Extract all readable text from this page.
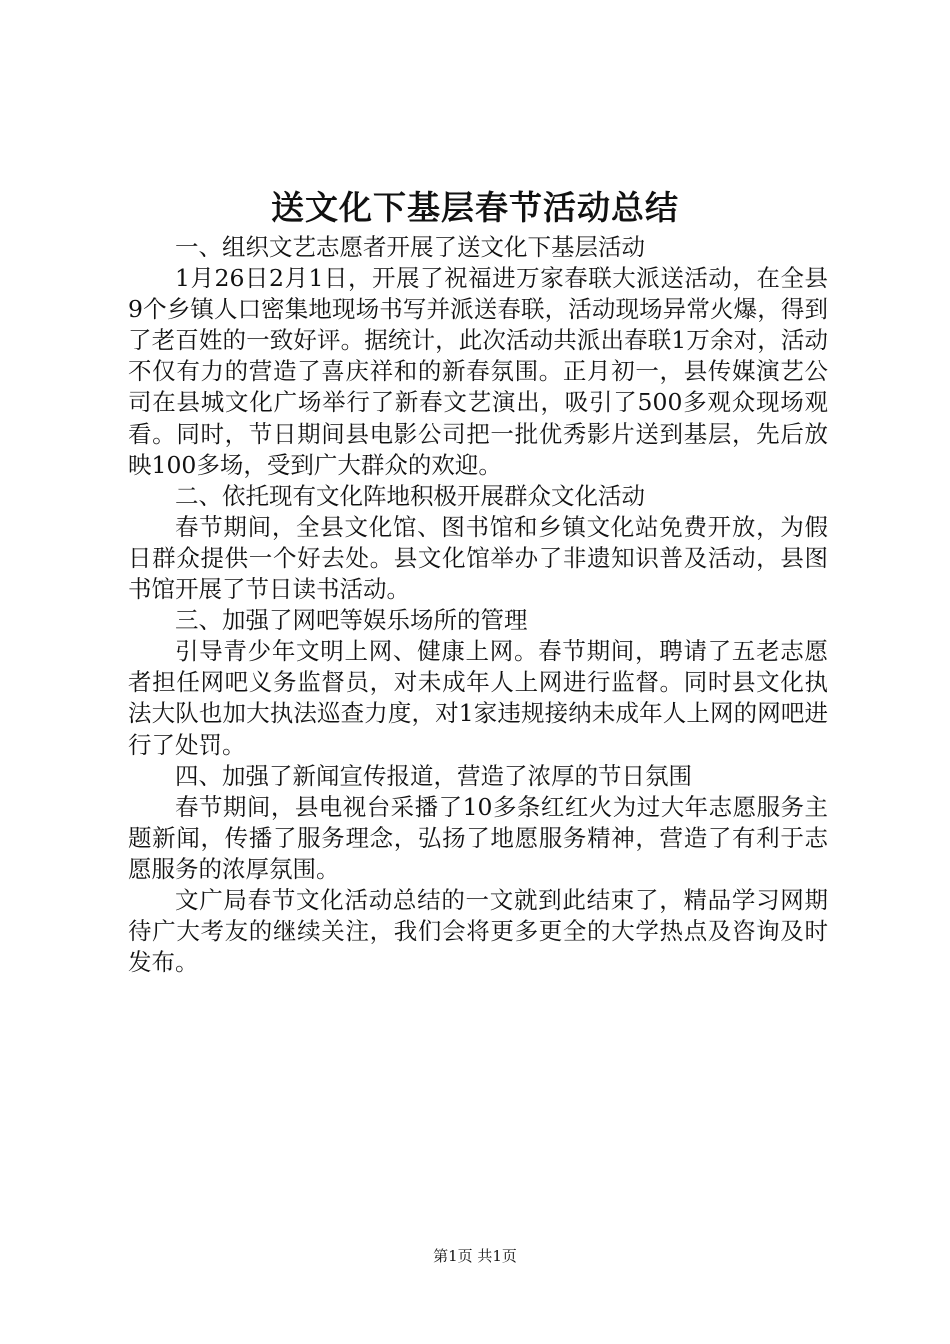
送文化下基层春节活动总结

一、组织文艺志愿者开展了送文化下基层活动

1月26日2月1日，开展了祝福进万家春联大派送活动，在全县9个乡镇人口密集地现场书写并派送春联，活动现场异常火爆，得到了老百姓的一致好评。据统计，此次活动共派出春联1万余对，活动不仅有力的营造了喜庆祥和的新春氛围。正月初一，县传媒演艺公司在县城文化广场举行了新春文艺演出，吸引了500多观众现场观看。同时，节日期间县电影公司把一批优秀影片送到基层，先后放映100多场，受到广大群众的欢迎。

二、依托现有文化阵地积极开展群众文化活动

春节期间，全县文化馆、图书馆和乡镇文化站免费开放，为假日群众提供一个好去处。县文化馆举办了非遗知识普及活动，县图书馆开展了节日读书活动。

三、加强了网吧等娱乐场所的管理

引导青少年文明上网、健康上网。春节期间，聘请了五老志愿者担任网吧义务监督员，对未成年人上网进行监督。同时县文化执法大队也加大执法巡查力度，对1家违规接纳未成年人上网的网吧进行了处罚。

四、加强了新闻宣传报道，营造了浓厚的节日氛围

春节期间，县电视台采播了10多条红红火为过大年志愿服务主题新闻，传播了服务理念，弘扬了地愿服务精神，营造了有利于志愿服务的浓厚氛围。

文广局春节文化活动总结的一文就到此结束了，精品学习网期待广大考友的继续关注，我们会将更多更全的大学热点及咨询及时发布。

第1页 共1页
